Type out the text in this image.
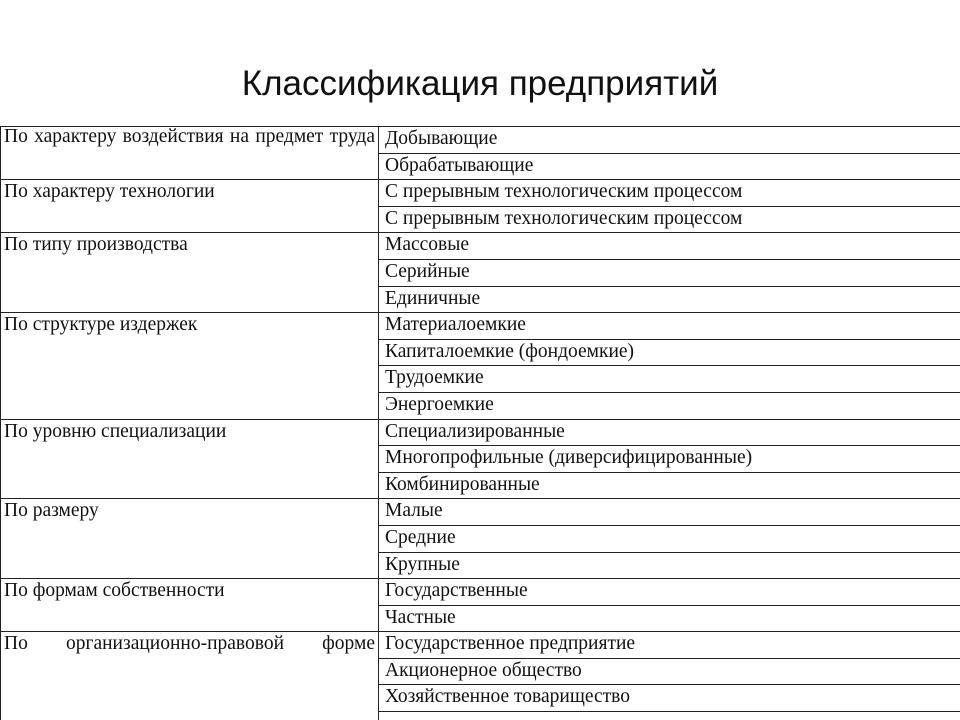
Классификация предприятий
По характеру воздействия на предмет труда	Добывающие
	Обрабатывающие
По характеру технологии	С прерывным технологическим процессом
	С прерывным технологическим процессом
По типу производства	Массовые
	Серийные
	Единичные
По структуре издержек	Материалоемкие
	Капиталоемкие (фондоемкие)
	Трудоемкие
	Энергоемкие
По уровню специализации	Специализированные
	Многопрофильные (диверсифицированные)
	Комбинированные
По размеру	Малые
	Средние
	Крупные
По формам собственности	Государственные
	Частные
По организационно-правовой форме	Государственное предприятие
	Акционерное общество
	Хозяйственное товарищество
